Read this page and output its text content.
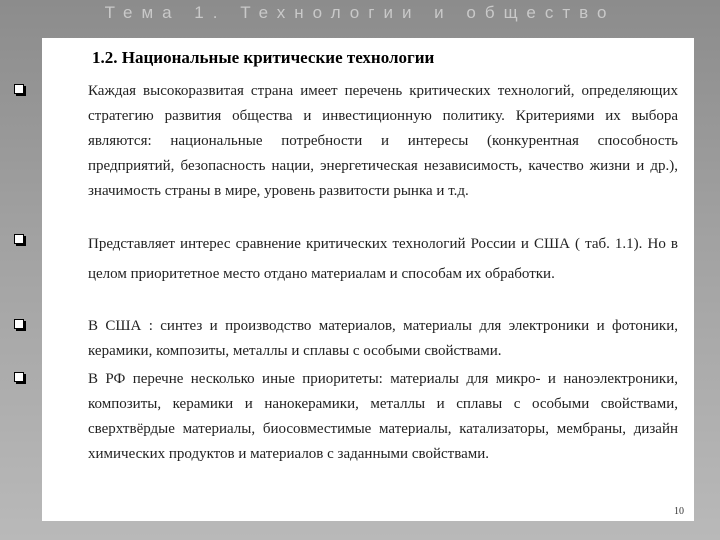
Тема 1. Технологии и общество
1.2. Национальные критические технологии
Каждая высокоразвитая страна имеет перечень критических технологий, определяющих стратегию развития общества и инвестиционную политику. Критериями их выбора являются: национальные потребности и интересы (конкурентная способность предприятий, безопасность нации, энергетическая независимость, качество жизни и др.), значимость страны в мире, уровень развитости рынка и т.д.
Представляет интерес сравнение критических технологий России и США ( таб. 1.1). Но в целом приоритетное место отдано материалам и способам их обработки.
В США : синтез и производство материалов, материалы для электроники и фотоники, керамики, композиты, металлы и сплавы с особыми свойствами.
В РФ перечне несколько иные приоритеты: материалы для микро- и наноэлектроники, композиты, керамики и нанокерамики, металлы и сплавы с особыми свойствами, сверхтвёрдые материалы, биосовместимые материалы, катализаторы, мембраны, дизайн химических продуктов и материалов с заданными свойствами.
10
